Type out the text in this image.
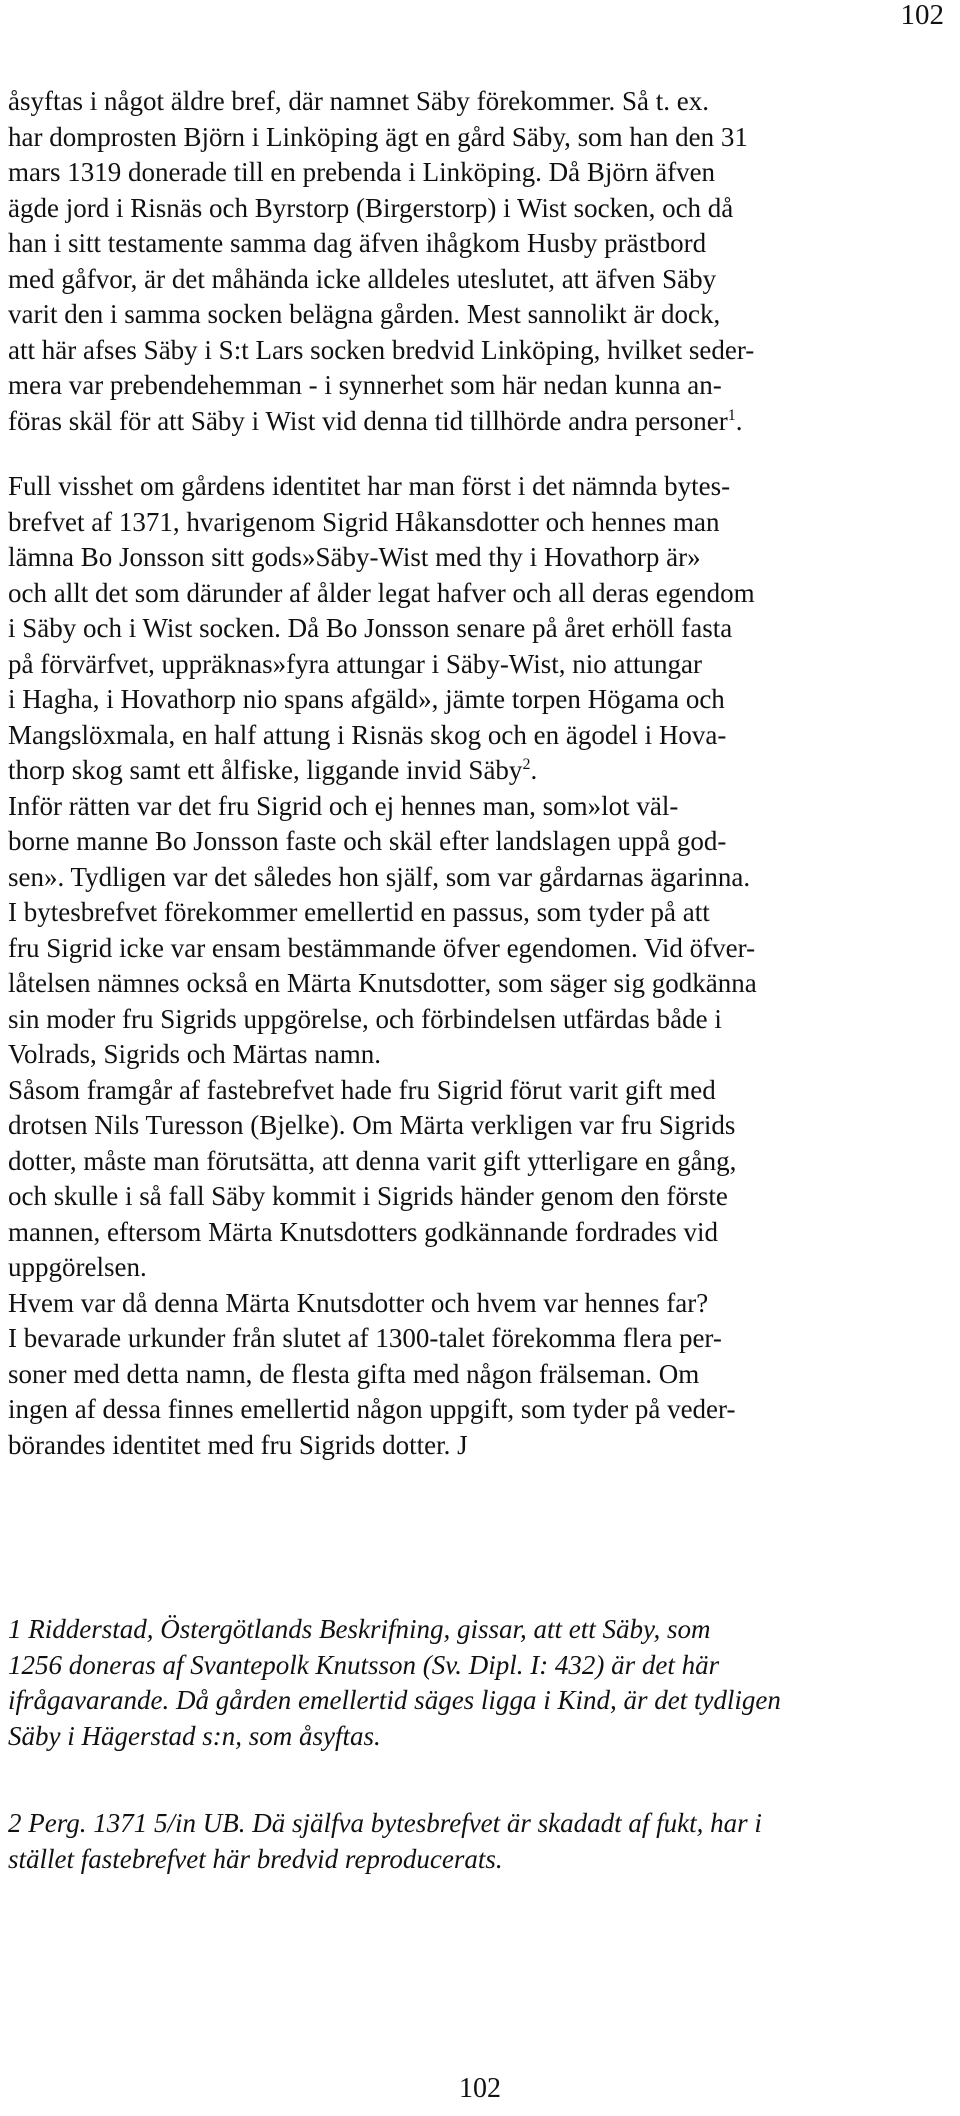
102

åsyftas i något äldre bref, där namnet Säby förekommer. Så t. ex.
har domprosten Björn i Linköping ägt en gård Säby, som han den 31
mars 1319 donerade till en prebenda i Linköping. Då Björn äfven
ägde jord i Risnäs och Byrstorp (Birgerstorp) i Wist socken, och då
han i sitt testamente samma dag äfven ihågkom Husby prästbord
med gåfvor, är det måhända icke alldeles uteslutet, att äfven Säby
varit den i samma socken belägna gården. Mest sannolikt är dock,
att här afses Säby i S:t Lars socken bredvid Linköping, hvilket seder-
mera var prebendehemman - i synnerhet som här nedan kunna an-
föras skäl för att Säby i Wist vid denna tid tillhörde andra personer$^1$.

Full visshet om gårdens identitet har man först i det nämnda bytes-
brefvet af 1371, hvarigenom Sigrid Håkansdotter och hennes man
lämna Bo Jonsson sitt gods»Säby-Wist med thy i Hovathorp är»
och allt det som därunder af ålder legat hafver och all deras egendom
i Säby och i Wist socken. Då Bo Jonsson senare på året erhöll fasta
på förvärfvet, uppräknas»fyra attungar i Säby-Wist, nio attungar
i Hagha, i Hovathorp nio spans afgäld», jämte torpen Högama och
Mangslöxmala, en half attung i Risnäs skog och en ägodel i Hova-
thorp skog samt ett ålfiske, liggande invid Säby$^2$.

Inför rätten var det fru Sigrid och ej hennes man, som»lot väl-
borne manne Bo Jonsson faste och skäl efter landslagen uppå god-
sen». Tydligen var det således hon själf, som var gårdarnas ägarinna.
I bytesbrefvet förekommer emellertid en passus, som tyder på att
fru Sigrid icke var ensam bestämmande öfver egendomen. Vid öfver-
låtelsen nämnes också en Märta Knutsdotter, som säger sig godkänna
sin moder fru Sigrids uppgörelse, och förbindelsen utfärdas både i
Volrads, Sigrids och Märtas namn.
Såsom framgår af fastebrefvet hade fru Sigrid förut varit gift med
drotsen Nils Turesson (Bjelke). Om Märta verkligen var fru Sigrids
dotter, måste man förutsätta, att denna varit gift ytterligare en gång,
och skulle i så fall Säby kommit i Sigrids händer genom den förste
mannen, eftersom Märta Knutsdotters godkännande fordrades vid
uppgörelsen.
Hvem var då denna Märta Knutsdotter och hvem var hennes far?
I bevarade urkunder från slutet af 1300-talet förekomma flera per-
soner med detta namn, de flesta gifta med någon frälseman. Om
ingen af dessa finnes emellertid någon uppgift, som tyder på veder-
börandes identitet med fru Sigrids dotter. J

1 Ridderstad, Östergötlands Beskrifning, gissar, att ett Säby, som
1256 doneras af Svantepolk Knutsson (Sv. Dipl. I: 432) är det här
ifrågavarande. Då gården emellertid säges ligga i Kind, är det tydligen
Säby i Hägerstad s:n, som åsyftas.

2 Perg. 1371 5/in UB. Dä själfva bytesbrefvet är skadadt af fukt, har i
stället fastebrefvet här bredvid reproducerats.

102
